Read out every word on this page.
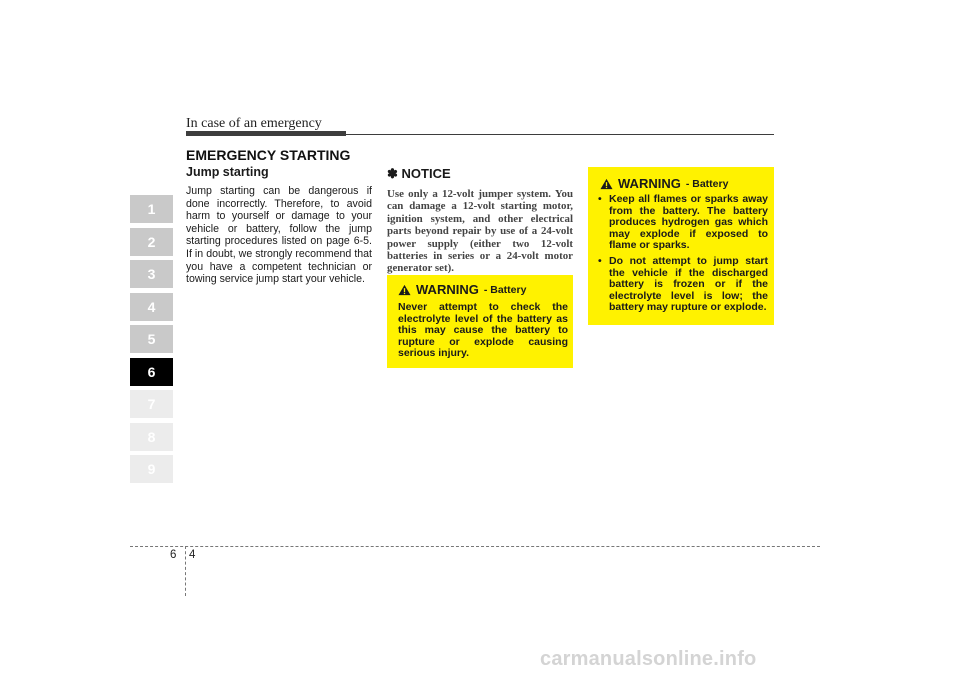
In case of an emergency
EMERGENCY STARTING
1
2
3
4
5
6
7
8
9
Jump starting

Jump starting can be dangerous if done incorrectly. Therefore, to avoid harm to yourself or damage to your vehicle or battery, follow the jump starting procedures listed on page 6-5. If in doubt, we strongly recommend that you have a competent technician or towing service jump start your vehicle.

✽ NOTICE

Use only a 12-volt jumper system. You can damage a 12-volt starting motor, ignition system, and other electrical parts beyond repair by use of a 24-volt power supply (either two 12-volt batteries in series or a 24-volt motor generator set).

WARNING - Battery

Never attempt to check the electrolyte level of the battery as this may cause the battery to rupture or explode causing serious injury.

WARNING - Battery
• Keep all flames or sparks away from the battery. The battery produces hydrogen gas which may explode if exposed to flame or sparks.
• Do not attempt to jump start the vehicle if the discharged battery is frozen or if the electrolyte level is low; the battery may rupture or explode.
6 4
carmanualsonline.info
